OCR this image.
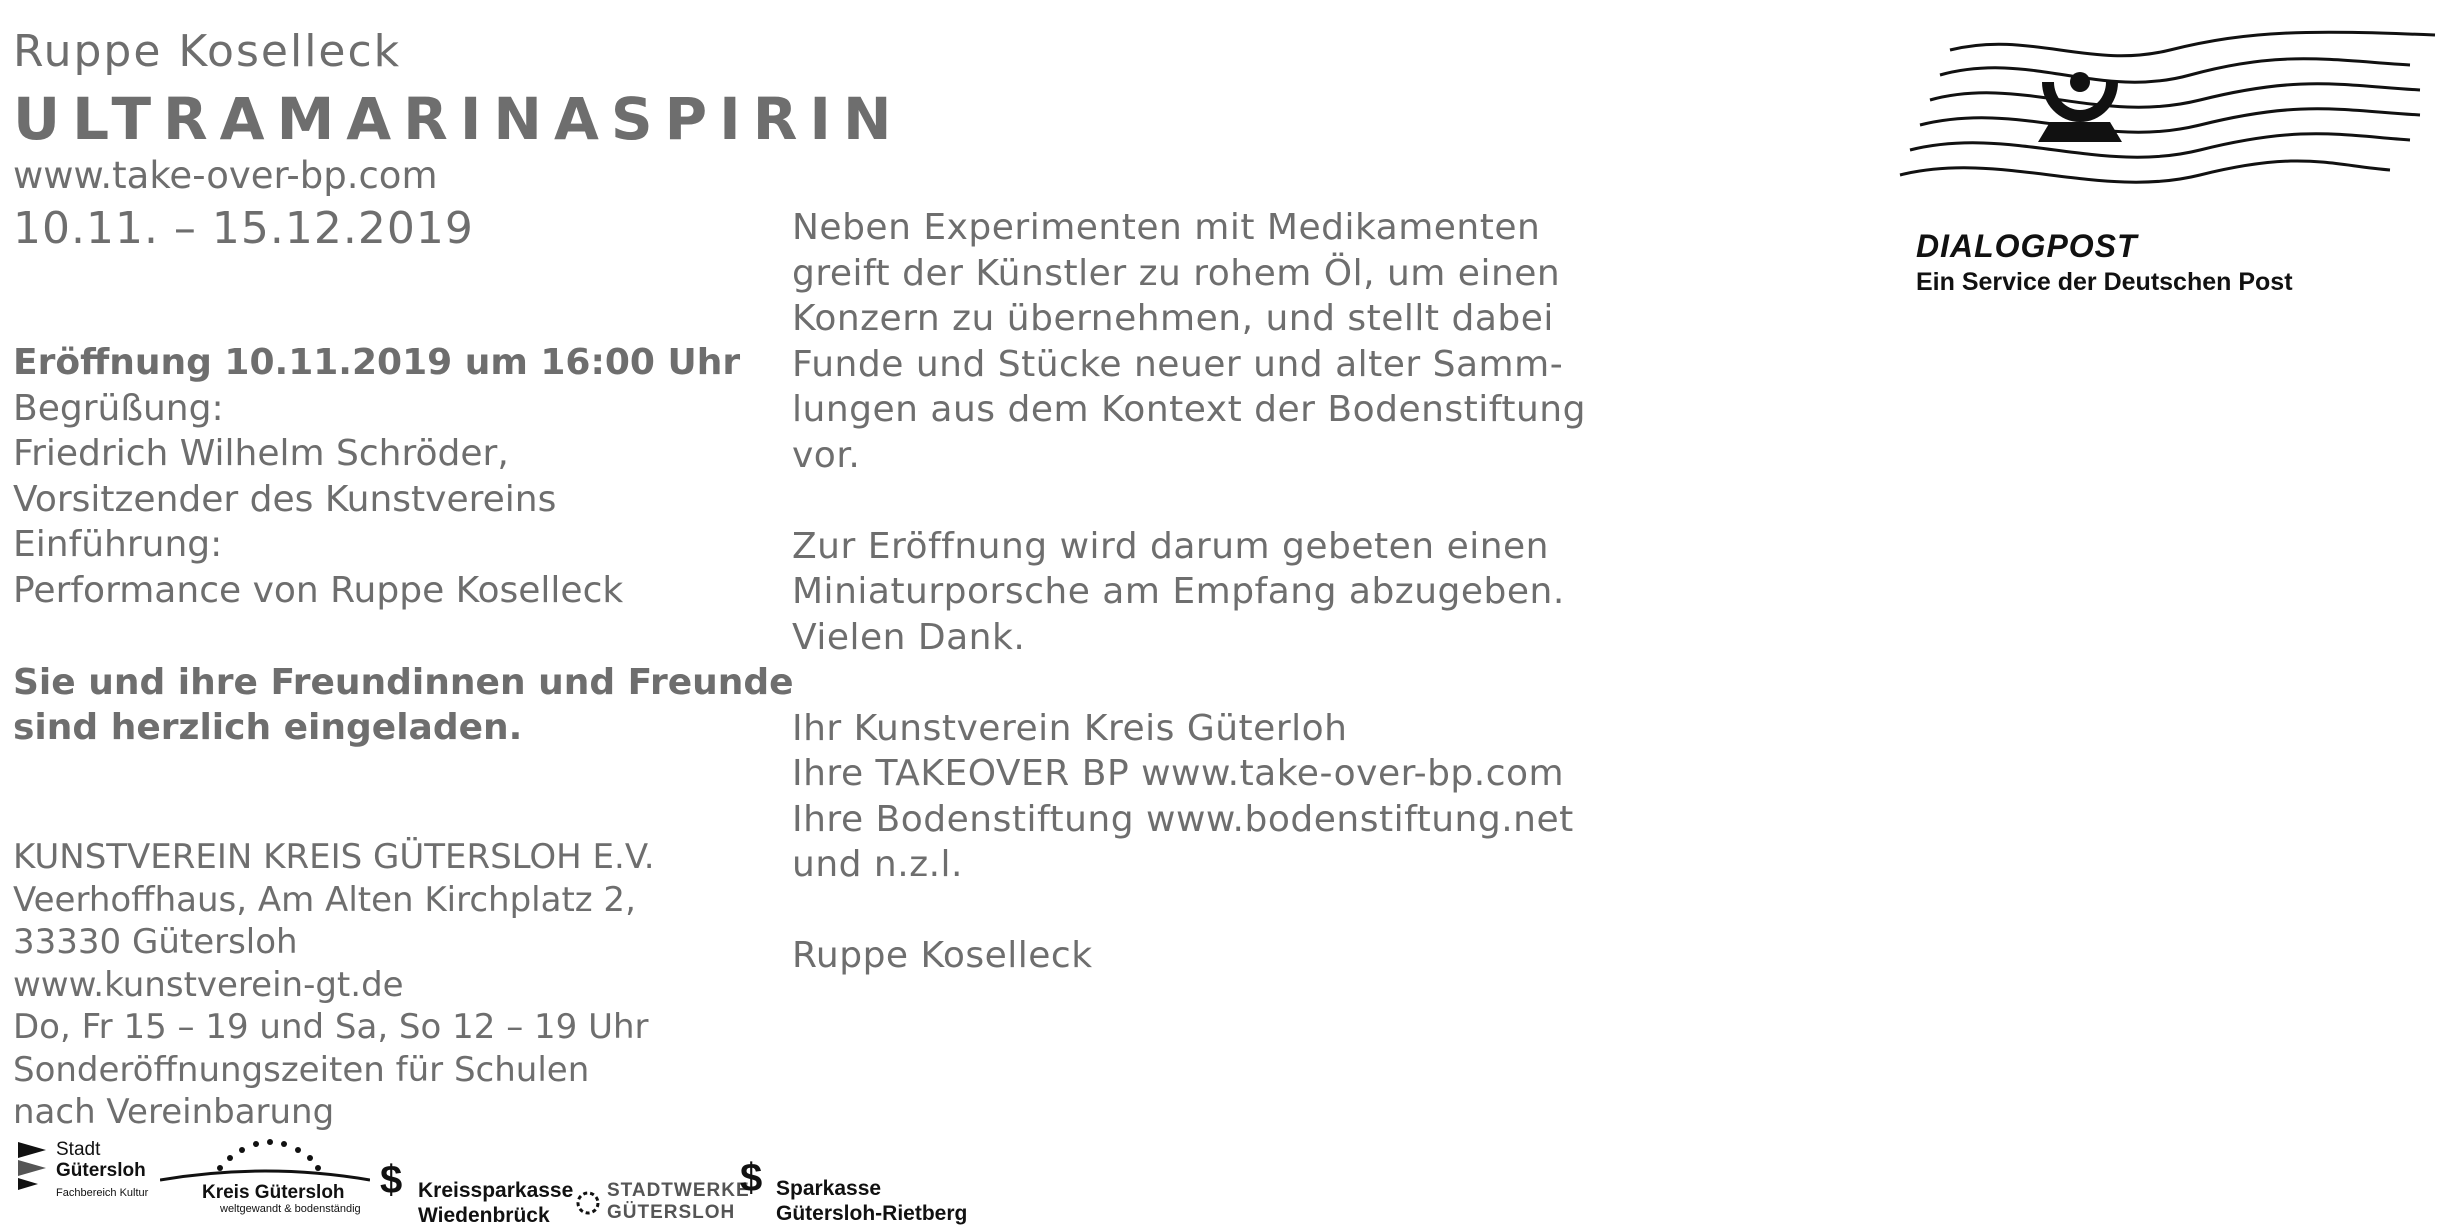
Ruppe Koselleck
ULTRAMARINASPIRIN
www.take-over-bp.com
10.11. – 15.12.2019
Eröffnung 10.11.2019 um 16:00 Uhr
Begrüßung:
Friedrich Wilhelm Schröder,
Vorsitzender des Kunstvereins
Einführung:
Performance von Ruppe Koselleck
Sie und ihre Freundinnen und Freunde
sind herzlich eingeladen.
KUNSTVEREIN KREIS GÜTERSLOH E.V.
Veerhoffhaus, Am Alten Kirchplatz 2,
33330 Gütersloh
www.kunstverein-gt.de
Do, Fr 15 – 19 und Sa, So 12 – 19 Uhr
Sonderöffnungszeiten für Schulen
nach Vereinbarung
Neben Experimenten mit Medikamenten
greift der Künstler zu rohem Öl, um einen
Konzern zu übernehmen, und stellt dabei
Funde und Stücke neuer und alter Samm-
lungen aus dem Kontext der Bodenstiftung
vor.
Zur Eröffnung wird darum gebeten einen
Miniaturporsche am Empfang abzugeben.
Vielen Dank.
Ihr Kunstverein Kreis Güterloh
Ihre TAKEOVER BP www.take-over-bp.com
Ihre Bodenstiftung www.bodenstiftung.net
und n.z.l.
Ruppe Koselleck
DIALOGPOST
Ein Service der Deutschen Post
Stadt
Gütersloh
Fachbereich Kultur	Kreis Gütersloh
weltgewandt & bodenständig
$ Kreissparkasse
Wiedenbrück
STADTWERKE
GÜTERSLOH
$ Sparkasse
Gütersloh-Rietberg
